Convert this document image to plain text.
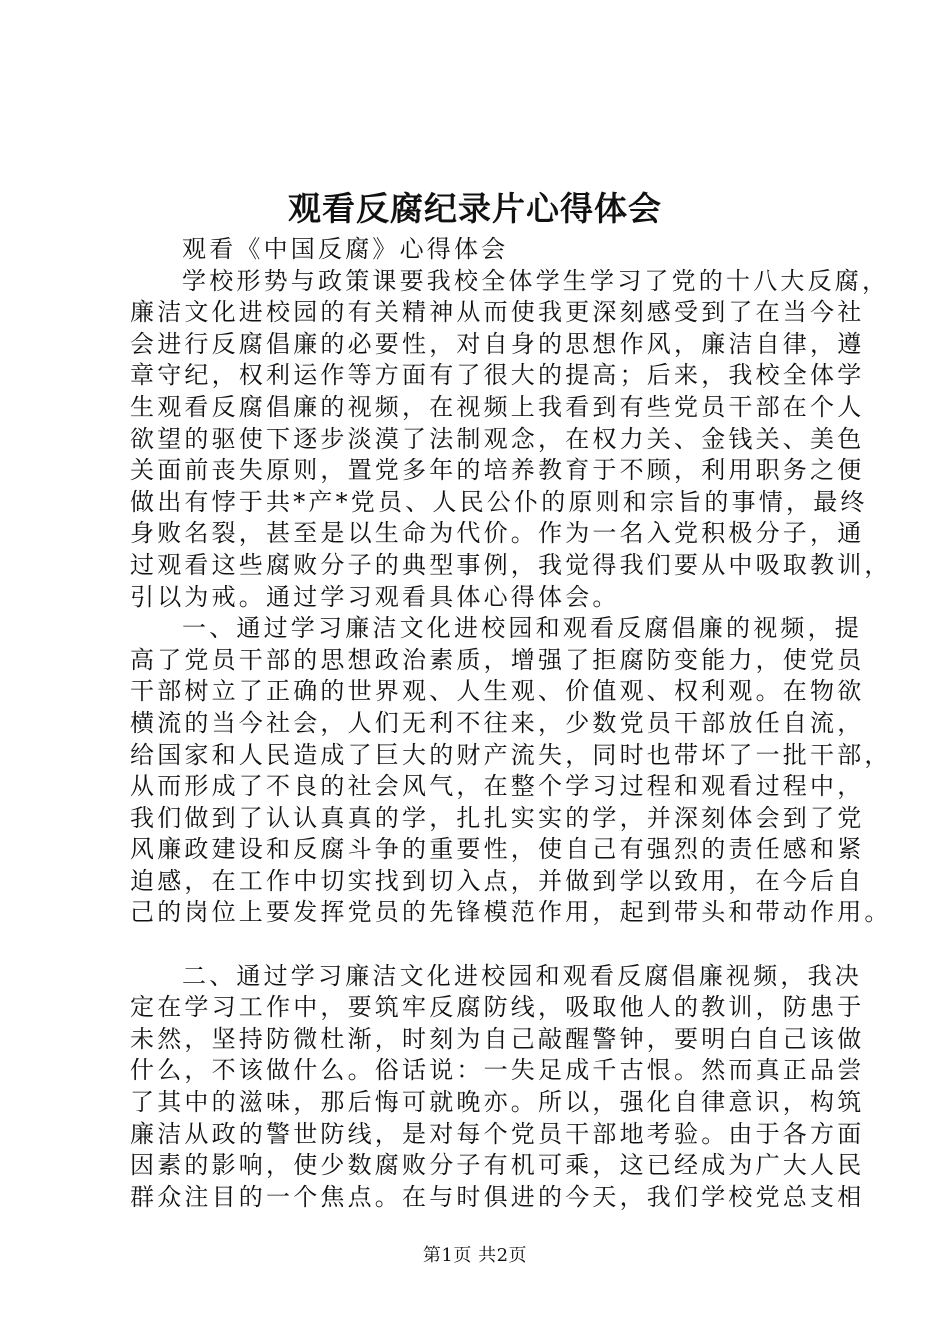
观看反腐纪录片心得体会
观看《中国反腐》心得体会
学校形势与政策课要我校全体学生学习了党的十八大反腐，
廉洁文化进校园的有关精神从而使我更深刻感受到了在当今社
会进行反腐倡廉的必要性，对自身的思想作风，廉洁自律，遵
章守纪，权利运作等方面有了很大的提高；后来，我校全体学
生观看反腐倡廉的视频，在视频上我看到有些党员干部在个人
欲望的驱使下逐步淡漠了法制观念，在权力关、金钱关、美色
关面前丧失原则，置党多年的培养教育于不顾，利用职务之便
做出有悖于共*产*党员、人民公仆的原则和宗旨的事情，最终
身败名裂，甚至是以生命为代价。作为一名入党积极分子，通
过观看这些腐败分子的典型事例，我觉得我们要从中吸取教训，
引以为戒。通过学习观看具体心得体会。
一、通过学习廉洁文化进校园和观看反腐倡廉的视频，提
高了党员干部的思想政治素质，增强了拒腐防变能力，使党员
干部树立了正确的世界观、人生观、价值观、权利观。在物欲
横流的当今社会，人们无利不往来，少数党员干部放任自流，
给国家和人民造成了巨大的财产流失，同时也带坏了一批干部，
从而形成了不良的社会风气，在整个学习过程和观看过程中，
我们做到了认认真真的学，扎扎实实的学，并深刻体会到了党
风廉政建设和反腐斗争的重要性，使自己有强烈的责任感和紧
迫感，在工作中切实找到切入点，并做到学以致用，在今后自
己的岗位上要发挥党员的先锋模范作用，起到带头和带动作用。
二、通过学习廉洁文化进校园和观看反腐倡廉视频，我决
定在学习工作中，要筑牢反腐防线，吸取他人的教训，防患于
未然，坚持防微杜渐，时刻为自己敲醒警钟，要明白自己该做
什么，不该做什么。俗话说：一失足成千古恨。然而真正品尝
了其中的滋味，那后悔可就晚亦。所以，强化自律意识，构筑
廉洁从政的警世防线，是对每个党员干部地考验。由于各方面
因素的影响，使少数腐败分子有机可乘，这已经成为广大人民
群众注目的一个焦点。在与时俱进的今天，我们学校党总支相
第1页 共2页
